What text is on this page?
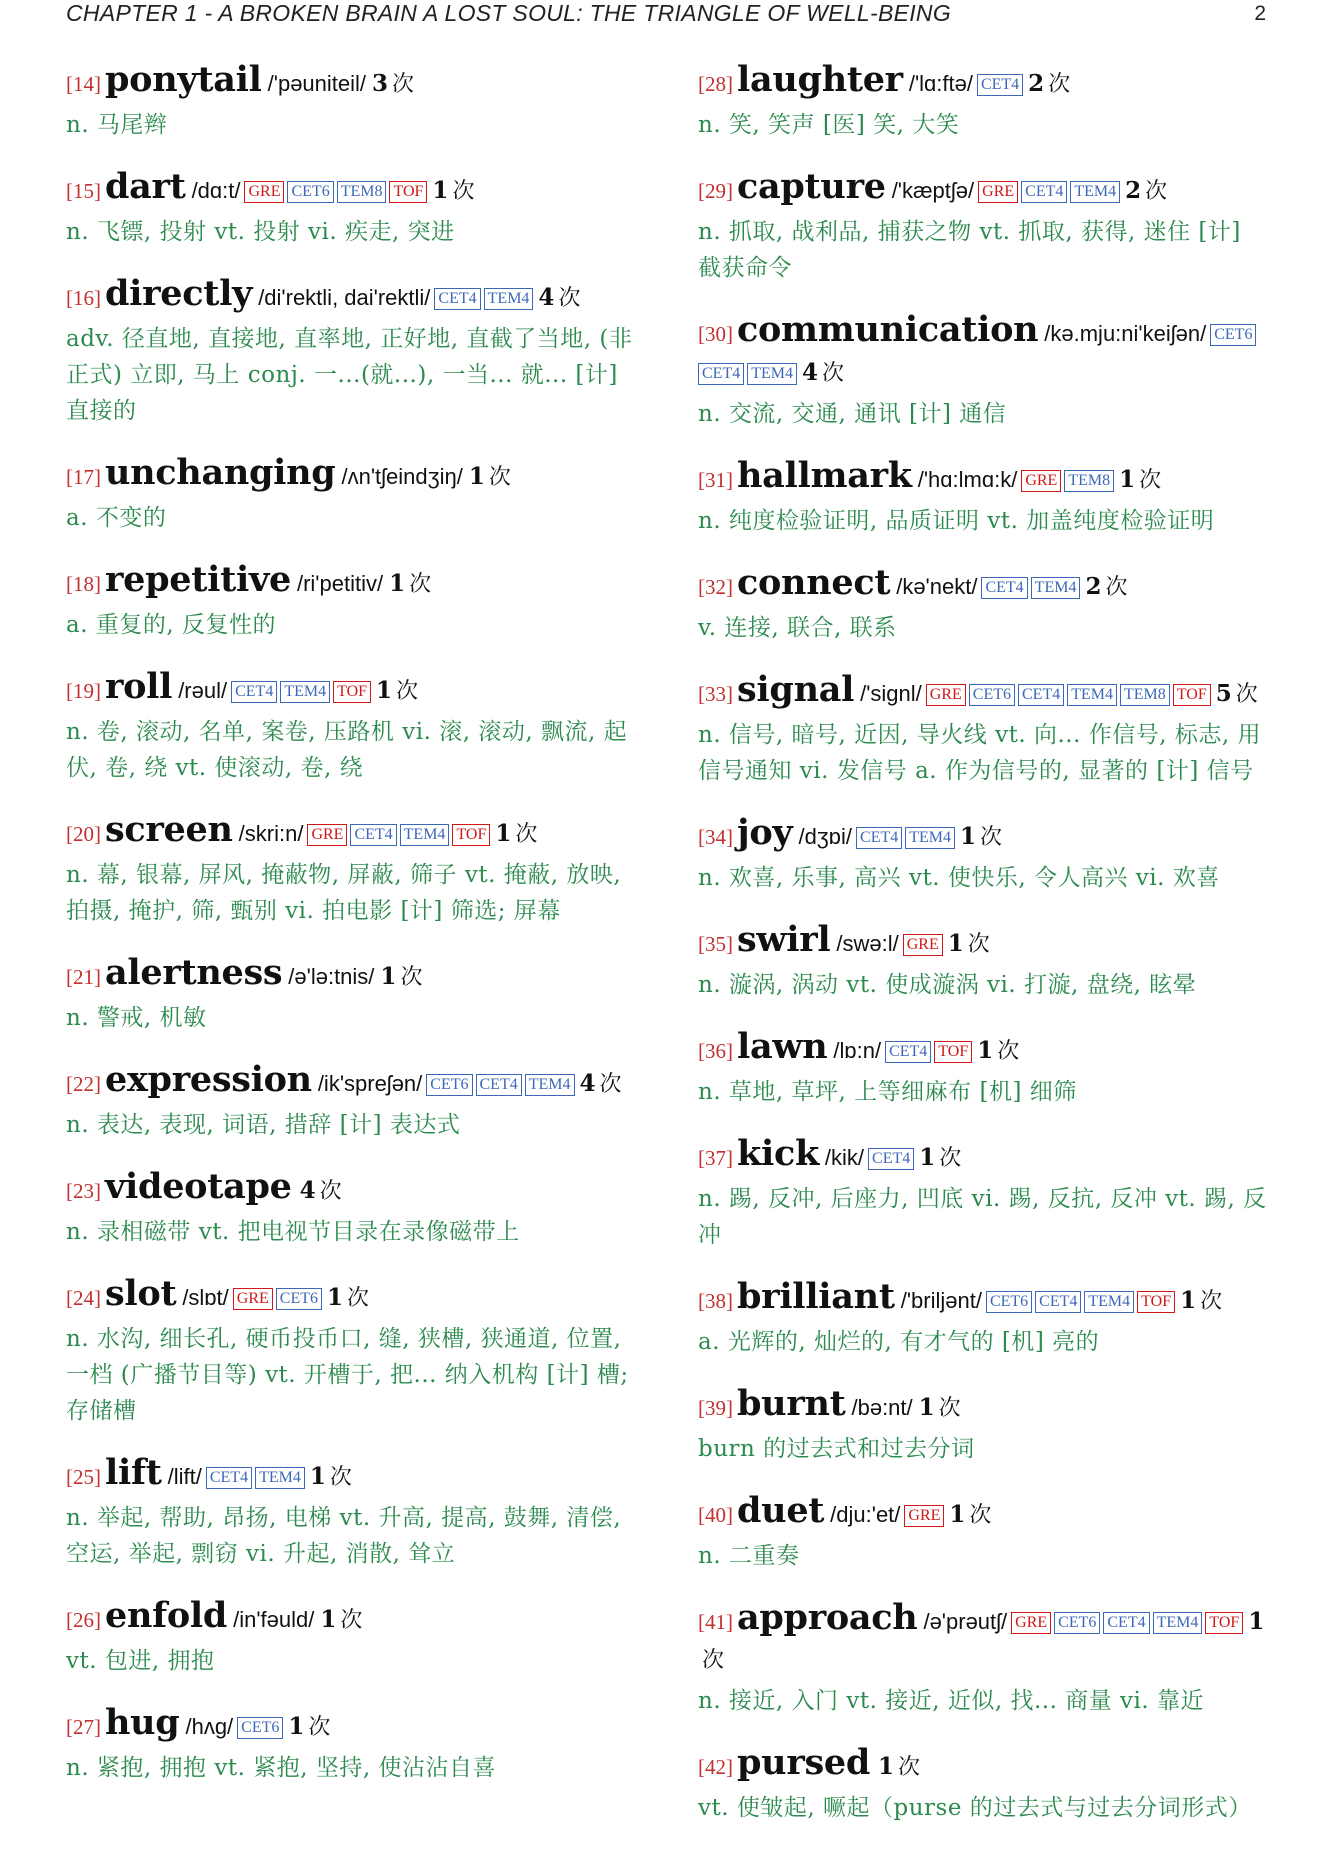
CHAPTER 1 - A BROKEN BRAIN A LOST SOUL: THE TRIANGLE OF WELL-BEING	2
[14] ponytail /'pəuniteil/ 3 次
n. 马尾辫
[15] dart /dɑ:t/ GRE CET6 TEM8 TOF 1 次
n. 飞镖, 投射 vt. 投射 vi. 疾走, 突进
[16] directly /di'rektli, dai'rektli/ CET4 TEM4 4 次
adv. 径直地, 直接地, 直率地, 正好地, 直截了当地, (非正式) 立即, 马上 conj. 一...(就...), 一当... 就... [计] 直接的
[17] unchanging /ʌn'tʃeindʒiŋ/ 1 次
a. 不变的
[18] repetitive /ri'petitiv/ 1 次
a. 重复的, 反复性的
[19] roll /rəul/ CET4 TEM4 TOF 1 次
n. 卷, 滚动, 名单, 案卷, 压路机 vi. 滚, 滚动, 飘流, 起伏, 卷, 绕 vt. 使滚动, 卷, 绕
[20] screen /skri:n/ GRE CET4 TEM4 TOF 1 次
n. 幕, 银幕, 屏风, 掩蔽物, 屏蔽, 筛子 vt. 掩蔽, 放映, 拍摄, 掩护, 筛, 甄别 vi. 拍电影 [计] 筛选; 屏幕
[21] alertness /ə'lə:tnis/ 1 次
n. 警戒, 机敏
[22] expression /ik'spreʃən/ CET6 CET4 TEM4 4 次
n. 表达, 表现, 词语, 措辞 [计] 表达式
[23] videotape 4 次
n. 录相磁带 vt. 把电视节目录在录像磁带上
[24] slot /slɒt/ GRE CET6 1 次
n. 水沟, 细长孔, 硬币投币口, 缝, 狭槽, 狭通道, 位置, 一档 (广播节目等) vt. 开槽于, 把... 纳入机构 [计] 槽; 存储槽
[25] lift /lift/ CET4 TEM4 1 次
n. 举起, 帮助, 昂扬, 电梯 vt. 升高, 提高, 鼓舞, 清偿, 空运, 举起, 剽窃 vi. 升起, 消散, 耸立
[26] enfold /in'fəuld/ 1 次
vt. 包进, 拥抱
[27] hug /hʌg/ CET6 1 次
n. 紧抱, 拥抱 vt. 紧抱, 坚持, 使沾沾自喜
[28] laughter /'lɑ:ftə/ CET4 2 次
n. 笑, 笑声 [医] 笑, 大笑
[29] capture /'kæptʃə/ GRE CET4 TEM4 2 次
n. 抓取, 战利品, 捕获之物 vt. 抓取, 获得, 迷住 [计] 截获命令
[30] communication /kə.mju:ni'keiʃən/ CET6CET4 TEM4 4 次
n. 交流, 交通, 通讯 [计] 通信
[31] hallmark /'hɑ:lmɑ:k/ GRE TEM8 1 次
n. 纯度检验证明, 品质证明 vt. 加盖纯度检验证明
[32] connect /kə'nekt/ CET4 TEM4 2 次
v. 连接, 联合, 联系
[33] signal /'signl/ GRE CET6 CET4 TEM4 TEM8 TOF 5 次
n. 信号, 暗号, 近因, 导火线 vt. 向... 作信号, 标志, 用信号通知 vi. 发信号 a. 作为信号的, 显著的 [计] 信号
[34] joy /dʒɒi/ CET4 TEM4 1 次
n. 欢喜, 乐事, 高兴 vt. 使快乐, 令人高兴 vi. 欢喜
[35] swirl /swə:l/ GRE 1 次
n. 漩涡, 涡动 vt. 使成漩涡 vi. 打漩, 盘绕, 眩晕
[36] lawn /lɒ:n/ CET4 TOF 1 次
n. 草地, 草坪, 上等细麻布 [机] 细筛
[37] kick /kik/ CET4 1 次
n. 踢, 反冲, 后座力, 凹底 vi. 踢, 反抗, 反冲 vt. 踢, 反冲
[38] brilliant /'briljənt/ CET6 CET4 TEM4 TOF 1 次
a. 光辉的, 灿烂的, 有才气的 [机] 亮的
[39] burnt /bə:nt/ 1 次
burn 的过去式和过去分词
[40] duet /dju:'et/ GRE 1 次
n. 二重奏
[41] approach /ə'prəutʃ/ GRE CET6 CET4 TEM4 TOF 1次
n. 接近, 入门 vt. 接近, 近似, 找... 商量 vi. 靠近
[42] pursed 1 次
vt. 使皱起, 噘起（purse 的过去式与过去分词形式）
